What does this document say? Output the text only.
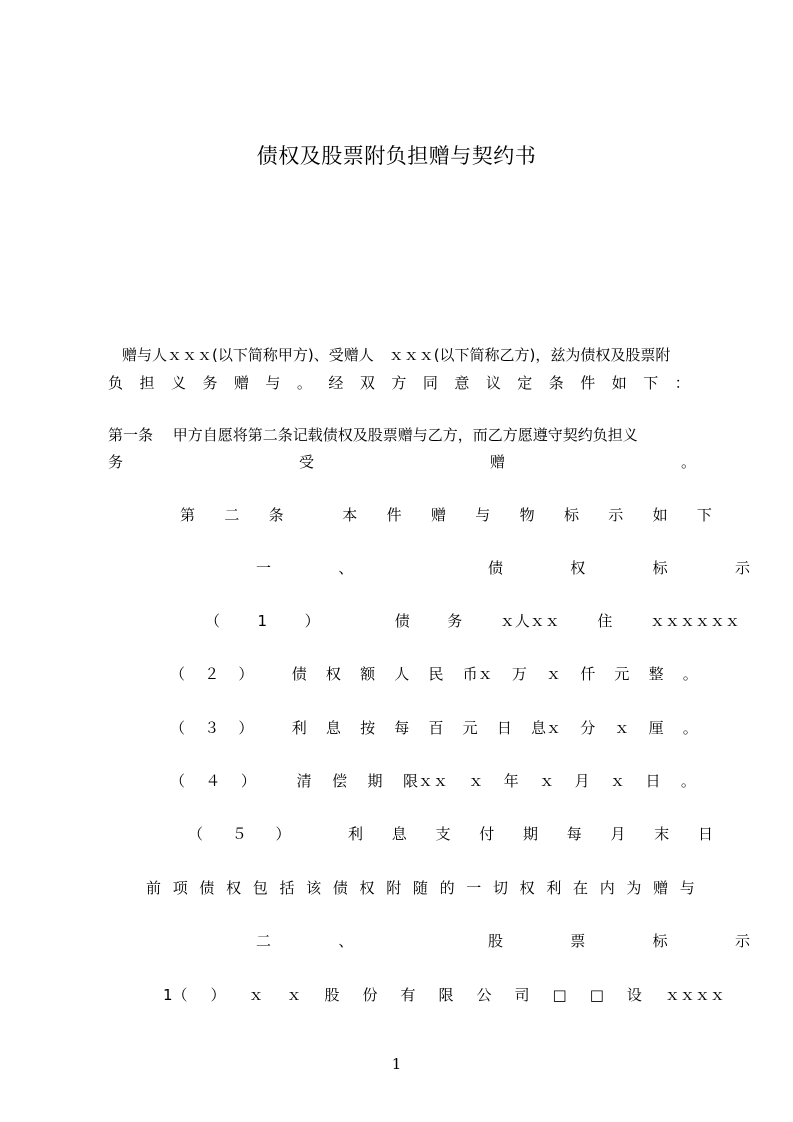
债权及股票附负担赠与契约书
赠与人ｘｘｘ(以下简称甲方)、受赠人　ｘｘｘ(以下简称乙方)，兹为债权及股票附
负 担 义 务 赠 与 。 经 双 方 同 意 议 定 条 件 如 下 ：
第一条　 甲方自愿将第二条记载债权及股票赠与乙方，而乙方愿遵守契约负担义
务	受	赠	。
第 二 条	本 件 赠 与 物 标 示 如 下
一	、	债	权	标	示
（	1	）	债	务	ｘ人ｘｘ	住	ｘｘｘｘｘｘ
（ ２ ）	债 权 额 人 民 币ｘ 万 ｘ 仟 元 整 。
（ ３ ）	利 息 按 每 百 元 日 息ｘ 分 ｘ 厘 。
（ ４ ）	清 偿 期 限ｘｘ ｘ 年 ｘ 月 ｘ 日 。
（ ５ ）	利 息 支 付 期 每 月 末 日
前 项 债 权 包 括 该 债 权 附 随 的 一 切 权 利 在 内 为 赠 与
二	、	股	票	标	示
1（ ） ｘ ｘ 股 份 有 限 公 司 □ □ 设 ｘｘｘｘ
1
